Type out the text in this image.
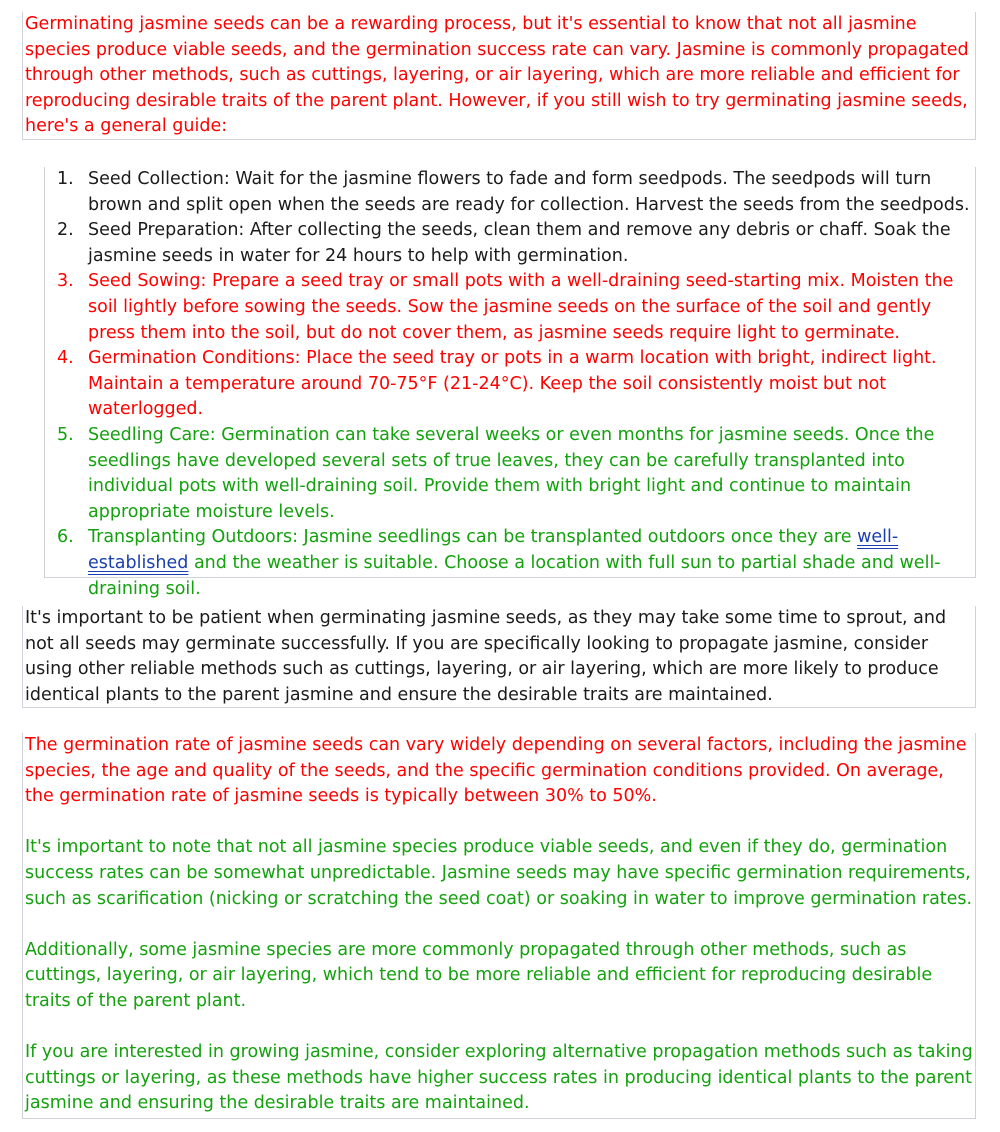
Germinating jasmine seeds can be a rewarding process, but it's essential to know that not all jasmine species produce viable seeds, and the germination success rate can vary. Jasmine is commonly propagated through other methods, such as cuttings, layering, or air layering, which are more reliable and efficient for reproducing desirable traits of the parent plant. However, if you still wish to try germinating jasmine seeds, here's a general guide:

1. Seed Collection: Wait for the jasmine flowers to fade and form seedpods. The seedpods will turn brown and split open when the seeds are ready for collection. Harvest the seeds from the seedpods.
2. Seed Preparation: After collecting the seeds, clean them and remove any debris or chaff. Soak the jasmine seeds in water for 24 hours to help with germination.
3. Seed Sowing: Prepare a seed tray or small pots with a well-draining seed-starting mix. Moisten the soil lightly before sowing the seeds. Sow the jasmine seeds on the surface of the soil and gently press them into the soil, but do not cover them, as jasmine seeds require light to germinate.
4. Germination Conditions: Place the seed tray or pots in a warm location with bright, indirect light. Maintain a temperature around 70-75°F (21-24°C). Keep the soil consistently moist but not waterlogged.
5. Seedling Care: Germination can take several weeks or even months for jasmine seeds. Once the seedlings have developed several sets of true leaves, they can be carefully transplanted into individual pots with well-draining soil. Provide them with bright light and continue to maintain appropriate moisture levels.
6. Transplanting Outdoors: Jasmine seedlings can be transplanted outdoors once they are well-established and the weather is suitable. Choose a location with full sun to partial shade and well-draining soil.

It's important to be patient when germinating jasmine seeds, as they may take some time to sprout, and not all seeds may germinate successfully. If you are specifically looking to propagate jasmine, consider using other reliable methods such as cuttings, layering, or air layering, which are more likely to produce identical plants to the parent jasmine and ensure the desirable traits are maintained.

The germination rate of jasmine seeds can vary widely depending on several factors, including the jasmine species, the age and quality of the seeds, and the specific germination conditions provided. On average, the germination rate of jasmine seeds is typically between 30% to 50%.

It's important to note that not all jasmine species produce viable seeds, and even if they do, germination success rates can be somewhat unpredictable. Jasmine seeds may have specific germination requirements, such as scarification (nicking or scratching the seed coat) or soaking in water to improve germination rates.

Additionally, some jasmine species are more commonly propagated through other methods, such as cuttings, layering, or air layering, which tend to be more reliable and efficient for reproducing desirable traits of the parent plant.

If you are interested in growing jasmine, consider exploring alternative propagation methods such as taking cuttings or layering, as these methods have higher success rates in producing identical plants to the parent jasmine and ensuring the desirable traits are maintained.
